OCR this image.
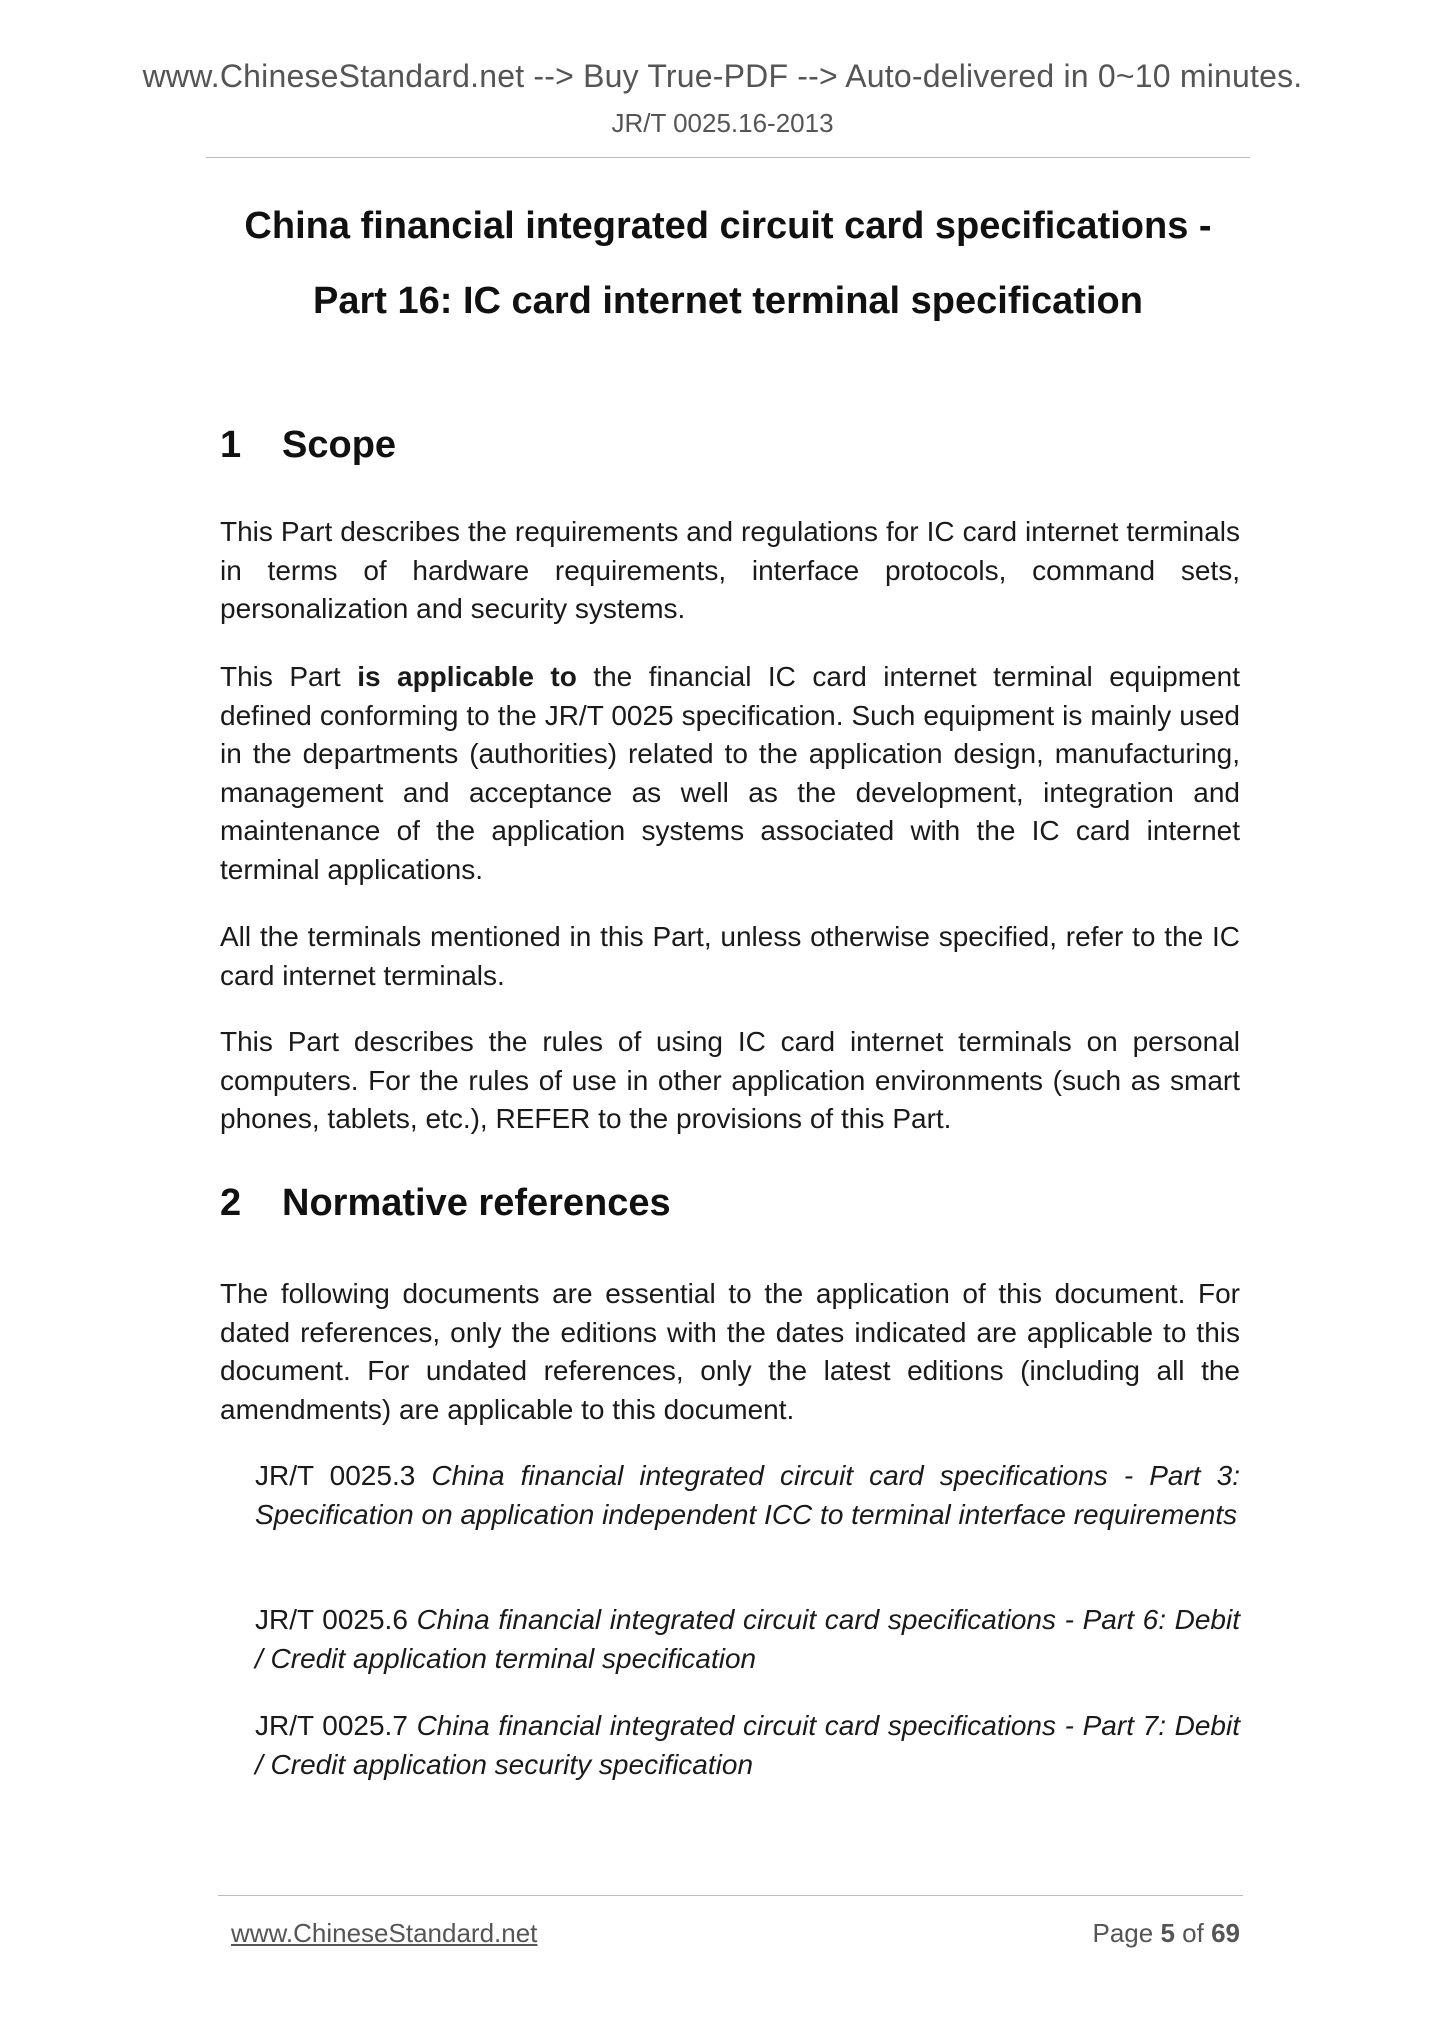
www.ChineseStandard.net --> Buy True-PDF --> Auto-delivered in 0~10 minutes.
JR/T 0025.16-2013
China financial integrated circuit card specifications -
Part 16: IC card internet terminal specification
1 Scope
This Part describes the requirements and regulations for IC card internet terminals in terms of hardware requirements, interface protocols, command sets, personalization and security systems.
This Part is applicable to the financial IC card internet terminal equipment defined conforming to the JR/T 0025 specification. Such equipment is mainly used in the departments (authorities) related to the application design, manufacturing, management and acceptance as well as the development, integration and maintenance of the application systems associated with the IC card internet terminal applications.
All the terminals mentioned in this Part, unless otherwise specified, refer to the IC card internet terminals.
This Part describes the rules of using IC card internet terminals on personal computers. For the rules of use in other application environments (such as smart phones, tablets, etc.), REFER to the provisions of this Part.
2 Normative references
The following documents are essential to the application of this document. For dated references, only the editions with the dates indicated are applicable to this document. For undated references, only the latest editions (including all the amendments) are applicable to this document.
JR/T 0025.3 China financial integrated circuit card specifications - Part 3: Specification on application independent ICC to terminal interface requirements
JR/T 0025.6 China financial integrated circuit card specifications - Part 6: Debit / Credit application terminal specification
JR/T 0025.7 China financial integrated circuit card specifications - Part 7: Debit / Credit application security specification
www.ChineseStandard.net	Page 5 of 69
